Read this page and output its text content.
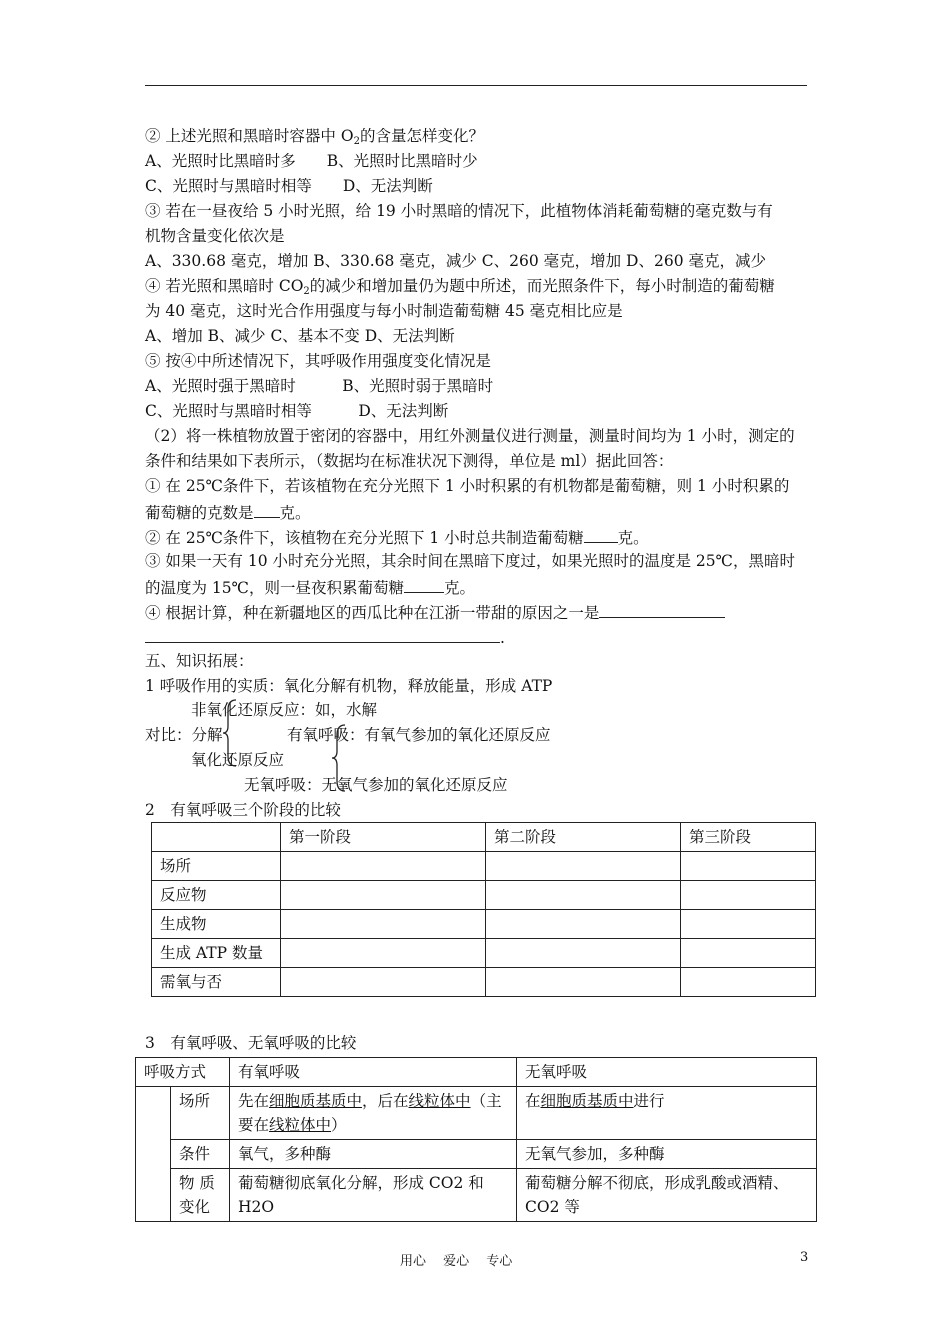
② 上述光照和黑暗时容器中 $O_2$的含量怎样变化？
A、光照时比黑暗时多　　B、光照时比黑暗时少
C、光照时与黑暗时相等　　D、无法判断
③ 若在一昼夜给 5 小时光照，给 19 小时黑暗的情况下，此植物体消耗葡萄糖的毫克数与有
机物含量变化依次是
A、330.68 毫克，增加 B、330.68 毫克，减少 C、260 毫克，增加 D、260 毫克，减少
④ 若光照和黑暗时 $CO_2$的减少和增加量仍为题中所述，而光照条件下，每小时制造的葡萄糖
为 40 毫克，这时光合作用强度与每小时制造葡萄糖 45 毫克相比应是
A、增加 B、减少 C、基本不变 D、无法判断
⑤ 按④中所述情况下，其呼吸作用强度变化情况是
A、光照时强于黑暗时　　　B、光照时弱于黑暗时
C、光照时与黑暗时相等　　　D、无法判断
（2）将一株植物放置于密闭的容器中，用红外测量仪进行测量，测量时间均为 1 小时，测定的
条件和结果如下表所示，（数据均在标准状况下测得，单位是 ml）据此回答：
① 在 25℃条件下，若该植物在充分光照下 1 小时积累的有机物都是葡萄糖，则 1 小时积累的
葡萄糖的克数是 克。
② 在 25℃条件下，该植物在充分光照下 1 小时总共制造葡萄糖 克。
③ 如果一天有 10 小时充分光照，其余时间在黑暗下度过，如果光照时的温度是 25℃，黑暗时
的温度为 15℃，则一昼夜积累葡萄糖	克。
④ 根据计算，种在新疆地区的西瓜比种在江浙一带甜的原因之一是
.
五、知识拓展：
1 呼吸作用的实质：氧化分解有机物，释放能量，形成 ATP
非氧化还原反应：如，水解
对比：分解	有氧呼吸：有氧气参加的氧化还原反应
氧化还原反应
无氧呼吸：无氧气参加的氧化还原反应
2　有氧呼吸三个阶段的比较
	第一阶段	第二阶段	第三阶段
场所			
反应物			
生成物			
生成 ATP 数量			
需氧与否			
3　有氧呼吸、无氧呼吸的比较
呼吸方式		有氧呼吸	无氧呼吸
	场所	先在细胞质基质中，后在线粒体中（主要在线粒体中）	在细胞质基质中进行
	条件	氧气，多种酶	无氧气参加，多种酶
	物 质 变化	葡萄糖彻底氧化分解，形成 CO2 和 H2O	葡萄糖分解不彻底，形成乳酸或酒精、CO2 等
用心　 爱心　 专心	3
